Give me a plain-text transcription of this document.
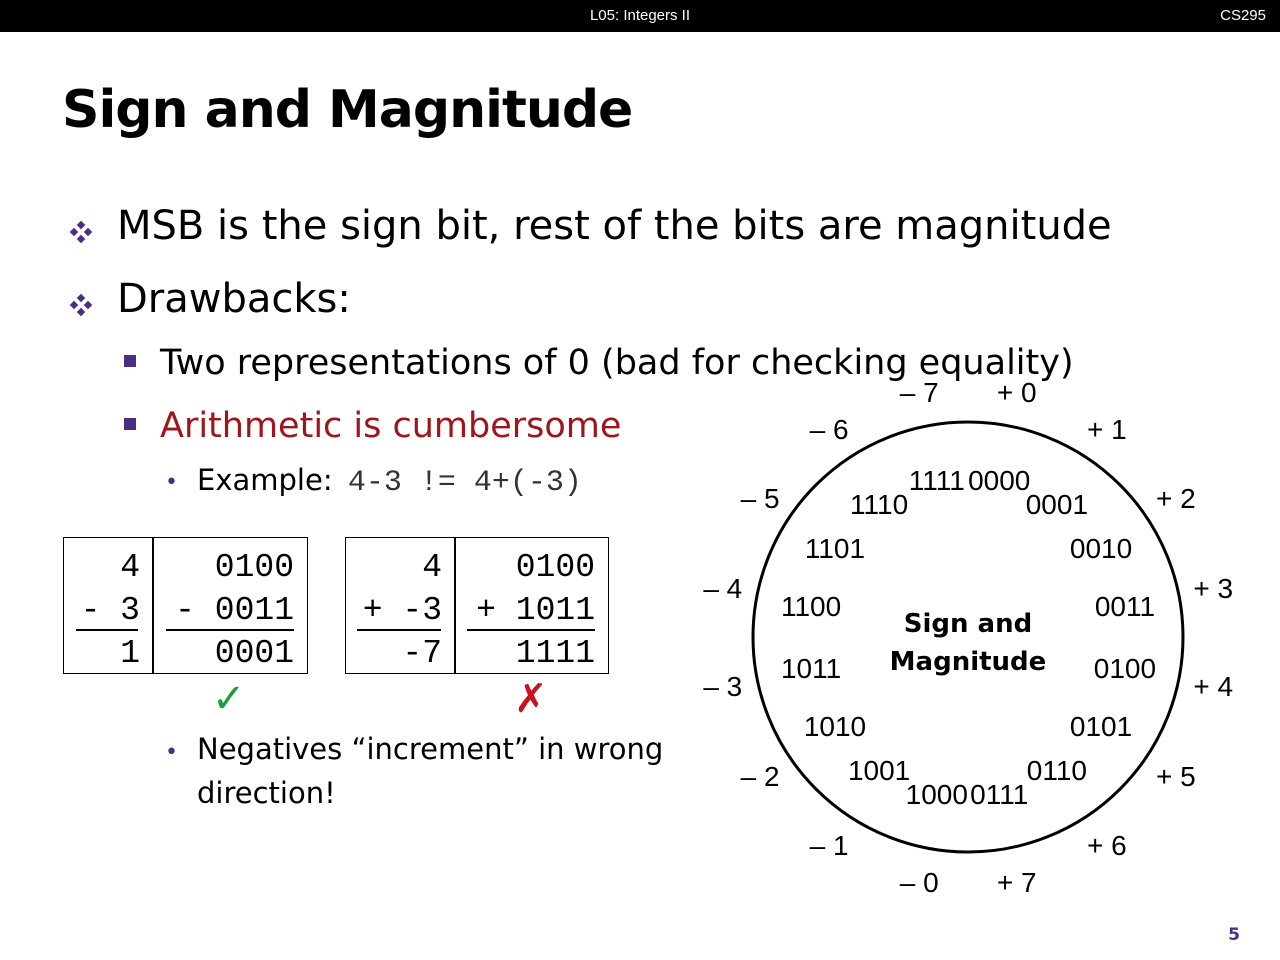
L05: Integers II	CS295
Sign and Magnitude
MSB is the sign bit, rest of the bits are magnitude
Drawbacks:
Two representations of 0 (bad for checking equality)
Arithmetic is cumbersome
• Example: 4-3 != 4+(-3)
4
- 3
1
0100
- 0011
0001
✓
4
+ -3
-7
0100
+ 1011
1111
✗
• Negatives “increment” in wrong
direction!
0000
+ 0
0001
+ 1
0010
+ 2
0011
+ 3
0100
+ 4
0101
+ 5
0110
+ 6
0111
+ 7
1000
– 0
1001
– 1
1010
– 2
1011
– 3
1100
– 4
1101
– 5	1110
– 6
1111
– 7
Sign and
Magnitude
5
